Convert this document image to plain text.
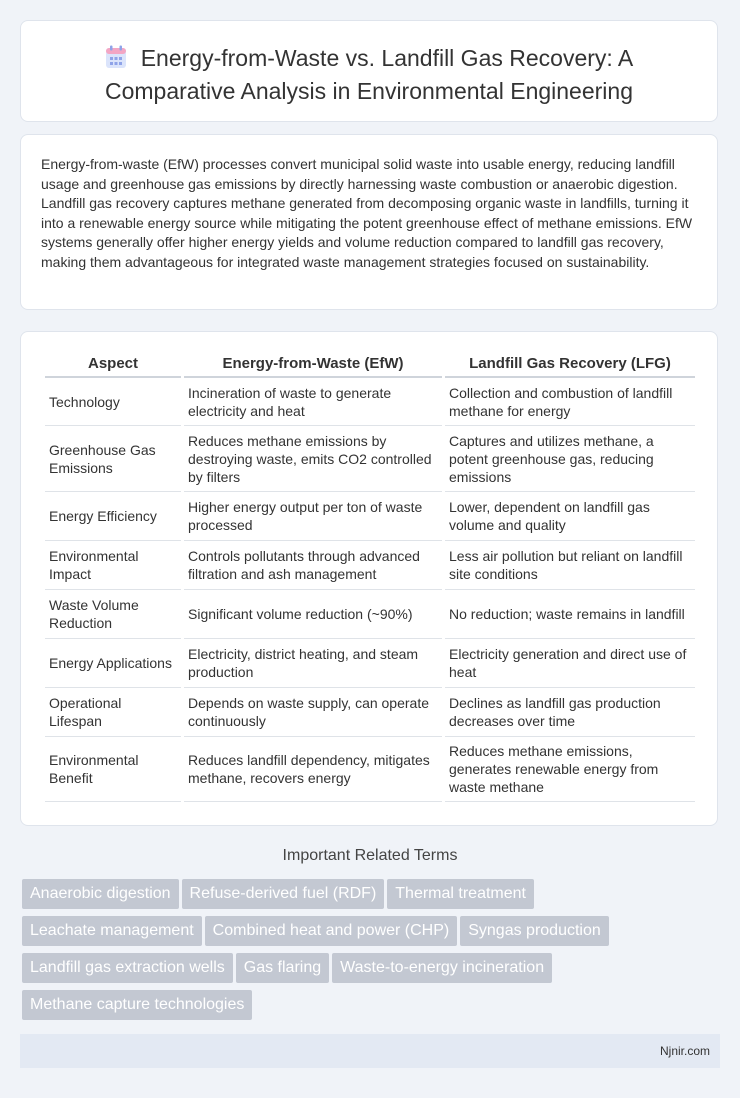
Energy-from-Waste vs. Landfill Gas Recovery: A Comparative Analysis in Environmental Engineering

Energy-from-waste (EfW) processes convert municipal solid waste into usable energy, reducing landfill usage and greenhouse gas emissions by directly harnessing waste combustion or anaerobic digestion. Landfill gas recovery captures methane generated from decomposing organic waste in landfills, turning it into a renewable energy source while mitigating the potent greenhouse effect of methane emissions. EfW systems generally offer higher energy yields and volume reduction compared to landfill gas recovery, making them advantageous for integrated waste management strategies focused on sustainability.

Aspect	Energy-from-Waste (EfW)	Landfill Gas Recovery (LFG)
Technology	Incineration of waste to generate electricity and heat	Collection and combustion of landfill methane for energy
Greenhouse Gas Emissions	Reduces methane emissions by destroying waste, emits CO2 controlled by filters	Captures and utilizes methane, a potent greenhouse gas, reducing emissions
Energy Efficiency	Higher energy output per ton of waste processed	Lower, dependent on landfill gas volume and quality
Environmental Impact	Controls pollutants through advanced filtration and ash management	Less air pollution but reliant on landfill site conditions
Waste Volume Reduction	Significant volume reduction (~90%)	No reduction; waste remains in landfill
Energy Applications	Electricity, district heating, and steam production	Electricity generation and direct use of heat
Operational Lifespan	Depends on waste supply, can operate continuously	Declines as landfill gas production decreases over time
Environmental Benefit	Reduces landfill dependency, mitigates methane, recovers energy	Reduces methane emissions, generates renewable energy from waste methane
Important Related Terms
Anaerobic digestion Refuse-derived fuel (RDF) Thermal treatment
Leachate management Combined heat and power (CHP) Syngas production
Landfill gas extraction wells Gas flaring Waste-to-energy incineration
Methane capture technologies
Njnir.com
